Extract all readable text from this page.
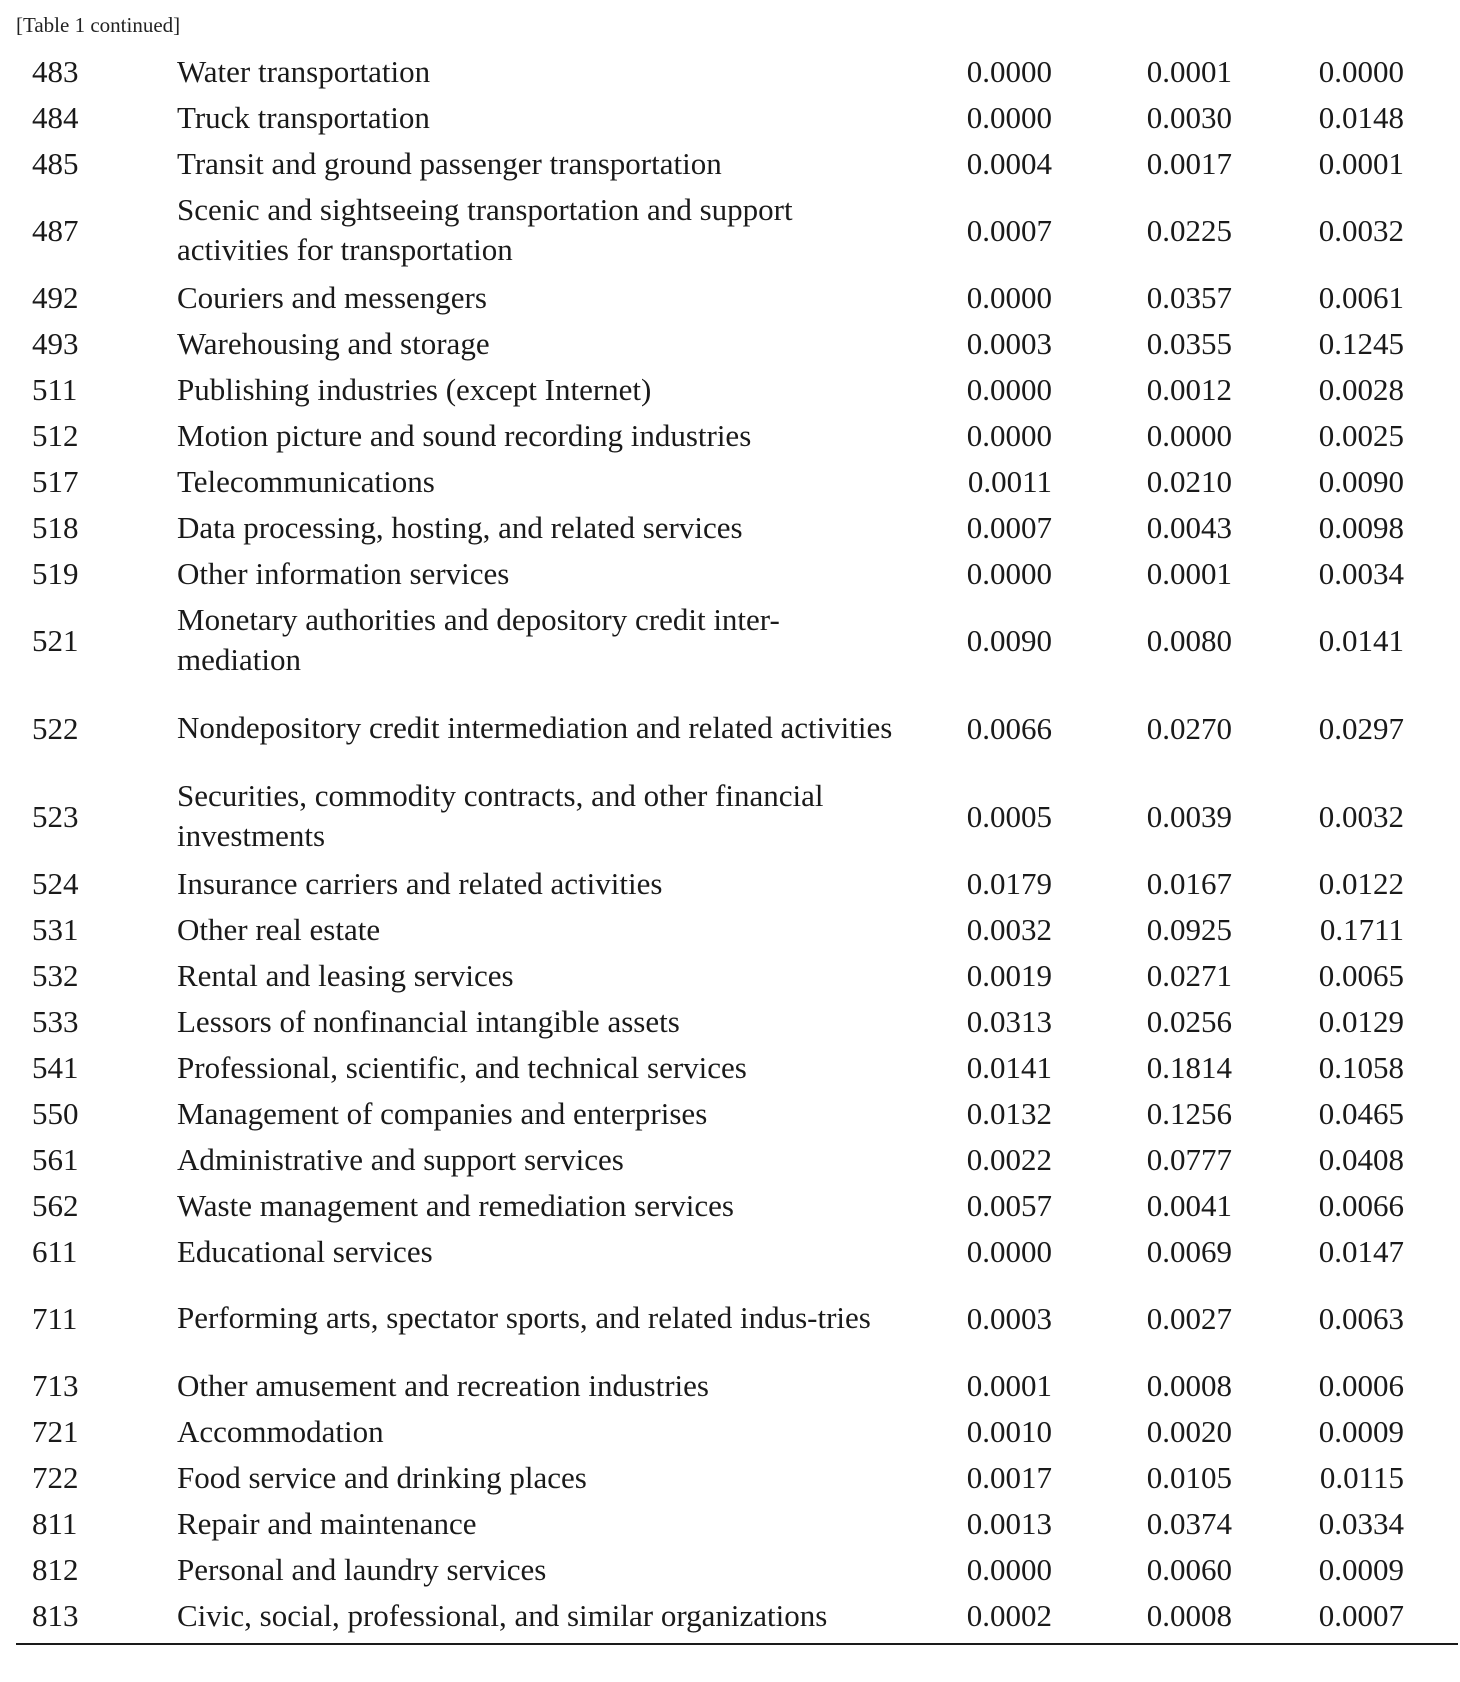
[Table 1 continued]
483	Water transportation	0.0000	0.0001	0.0000
484	Truck transportation	0.0000	0.0030	0.0148
485	Transit and ground passenger transportation	0.0004	0.0017	0.0001
487	Scenic and sightseeing transportation and support activities for transportation	0.0007	0.0225	0.0032
492	Couriers and messengers	0.0000	0.0357	0.0061
493	Warehousing and storage	0.0003	0.0355	0.1245
511	Publishing industries (except Internet)	0.0000	0.0012	0.0028
512	Motion picture and sound recording industries	0.0000	0.0000	0.0025
517	Telecommunications	0.0011	0.0210	0.0090
518	Data processing, hosting, and related services	0.0007	0.0043	0.0098
519	Other information services	0.0000	0.0001	0.0034
521	Monetary authorities and depository credit inter-mediation	0.0090	0.0080	0.0141
522	Nondepository credit intermediation and related activities	0.0066	0.0270	0.0297
523	Securities, commodity contracts, and other financial investments	0.0005	0.0039	0.0032
524	Insurance carriers and related activities	0.0179	0.0167	0.0122
531	Other real estate	0.0032	0.0925	0.1711
532	Rental and leasing services	0.0019	0.0271	0.0065
533	Lessors of nonfinancial intangible assets	0.0313	0.0256	0.0129
541	Professional, scientific, and technical services	0.0141	0.1814	0.1058
550	Management of companies and enterprises	0.0132	0.1256	0.0465
561	Administrative and support services	0.0022	0.0777	0.0408
562	Waste management and remediation services	0.0057	0.0041	0.0066
611	Educational services	0.0000	0.0069	0.0147
711	Performing arts, spectator sports, and related indus-tries	0.0003	0.0027	0.0063
713	Other amusement and recreation industries	0.0001	0.0008	0.0006
721	Accommodation	0.0010	0.0020	0.0009
722	Food service and drinking places	0.0017	0.0105	0.0115
811	Repair and maintenance	0.0013	0.0374	0.0334
812	Personal and laundry services	0.0000	0.0060	0.0009
813	Civic, social, professional, and similar organizations	0.0002	0.0008	0.0007
